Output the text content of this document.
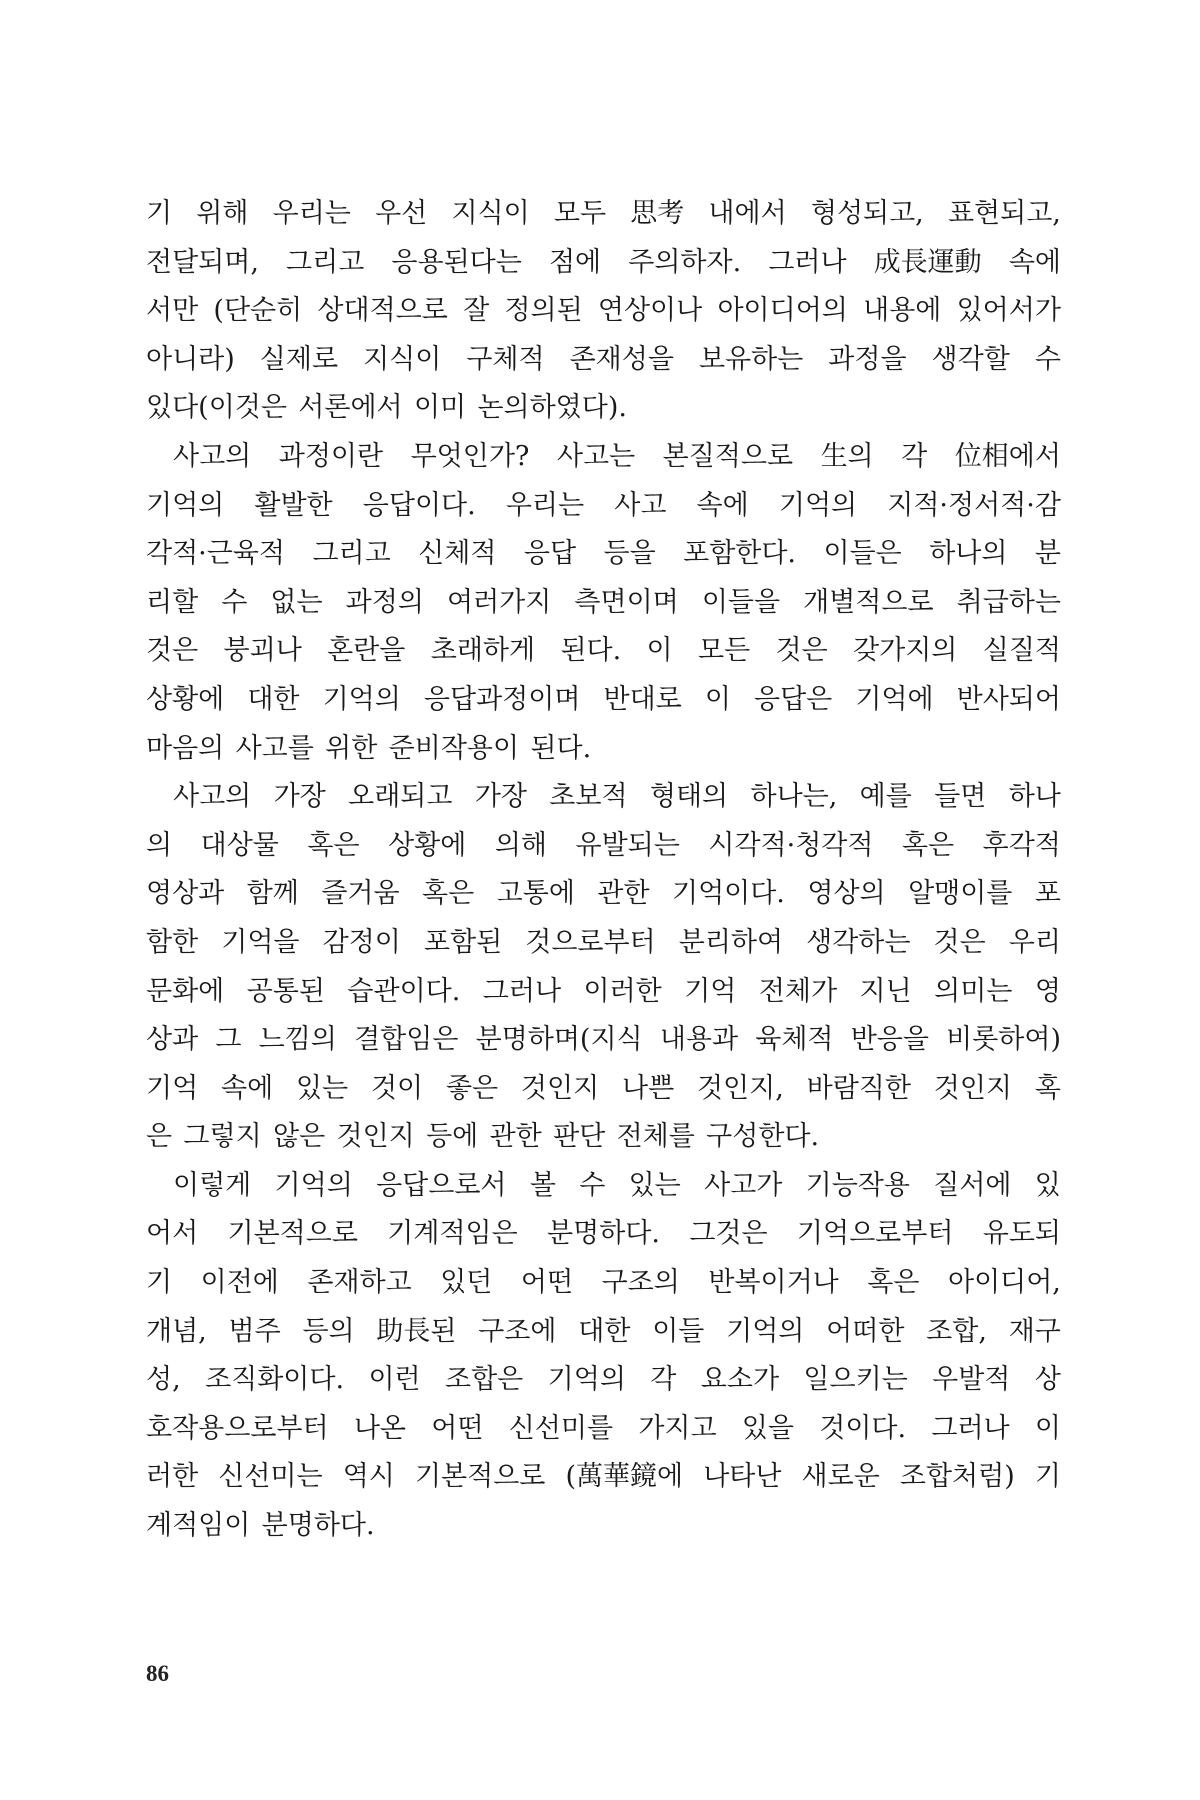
기 위해 우리는 우선 지식이 모두 思考 내에서 형성되고, 표현되고,
전달되며, 그리고 응용된다는 점에 주의하자. 그러나 成長運動 속에
서만 (단순히 상대적으로 잘 정의된 연상이나 아이디어의 내용에 있어서가
아니라) 실제로 지식이 구체적 존재성을 보유하는 과정을 생각할 수
있다(이것은 서론에서 이미 논의하였다).
사고의 과정이란 무엇인가? 사고는 본질적으로 生의 각 位相에서
기억의 활발한 응답이다. 우리는 사고 속에 기억의 지적·정서적·감
각적·근육적 그리고 신체적 응답 등을 포함한다. 이들은 하나의 분
리할 수 없는 과정의 여러가지 측면이며 이들을 개별적으로 취급하는
것은 붕괴나 혼란을 초래하게 된다. 이 모든 것은 갖가지의 실질적
상황에 대한 기억의 응답과정이며 반대로 이 응답은 기억에 반사되어
마음의 사고를 위한 준비작용이 된다.
사고의 가장 오래되고 가장 초보적 형태의 하나는, 예를 들면 하나
의 대상물 혹은 상황에 의해 유발되는 시각적·청각적 혹은 후각적
영상과 함께 즐거움 혹은 고통에 관한 기억이다. 영상의 알맹이를 포
함한 기억을 감정이 포함된 것으로부터 분리하여 생각하는 것은 우리
문화에 공통된 습관이다. 그러나 이러한 기억 전체가 지닌 의미는 영
상과 그 느낌의 결합임은 분명하며(지식 내용과 육체적 반응을 비롯하여)
기억 속에 있는 것이 좋은 것인지 나쁜 것인지, 바람직한 것인지 혹
은 그렇지 않은 것인지 등에 관한 판단 전체를 구성한다.
이렇게 기억의 응답으로서 볼 수 있는 사고가 기능작용 질서에 있
어서 기본적으로 기계적임은 분명하다. 그것은 기억으로부터 유도되
기 이전에 존재하고 있던 어떤 구조의 반복이거나 혹은 아이디어,
개념, 범주 등의 助長된 구조에 대한 이들 기억의 어떠한 조합, 재구
성, 조직화이다. 이런 조합은 기억의 각 요소가 일으키는 우발적 상
호작용으로부터 나온 어떤 신선미를 가지고 있을 것이다. 그러나 이
러한 신선미는 역시 기본적으로 (萬華鏡에 나타난 새로운 조합처럼) 기
계적임이 분명하다.
86
